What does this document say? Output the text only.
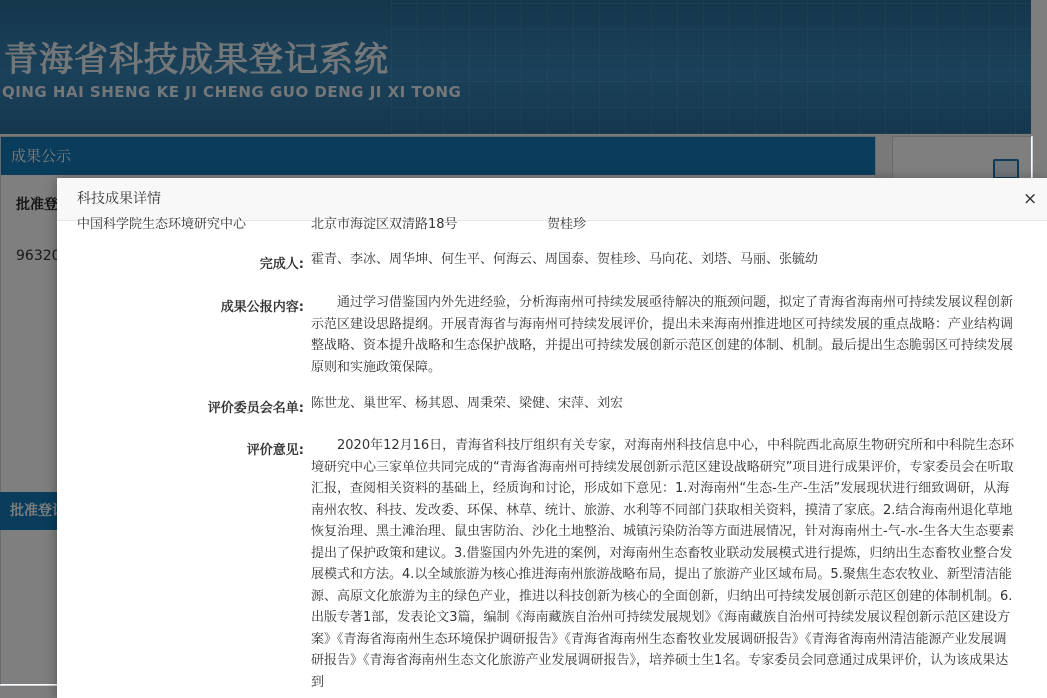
科技成果详情	×
中国科学院生态环境研究中心	北京市海淀区双清路18号	贺桂珍
完成人: 霍青、李冰、周华坤、何生平、何海云、周国泰、贺桂珍、马向花、刘塔、马丽、张毓幼
成果公报内容:	通过学习借鉴国内外先进经验，分析海南州可持续发展亟待解决的瓶颈问题，拟定了青海省海南州可持续发展议程创新示范区建设思路提纲。开展青海省与海南州可持续发展评价，提出未来海南州推进地区可持续发展的重点战略：产业结构调整战略、资本提升战略和生态保护战略，并提出可持续发展创新示范区创建的体制、机制。最后提出生态脆弱区可持续发展原则和实施政策保障。
评价委员会名单: 陈世龙、巢世军、杨其恩、周秉荣、梁健、宋萍、刘宏
评价意见:	2020年12月16日，青海省科技厅组织有关专家，对海南州科技信息中心，中科院西北高原生物研究所和中科院生态环境研究中心三家单位共同完成的“青海省海南州可持续发展创新示范区建设战略研究”项目进行成果评价，专家委员会在听取汇报，查阅相关资料的基础上，经质询和讨论，形成如下意见：1.对海南州“生态-生产-生活”发展现状进行细致调研，从海南州农牧、科技、发改委、环保、林草、统计、旅游、水利等不同部门获取相关资料，摸清了家底。2.结合海南州退化草地恢复治理、黑土滩治理、鼠虫害防治、沙化土地整治、城镇污染防治等方面进展情况，针对海南州土-气-水-生各大生态要素提出了保护政策和建议。3.借鉴国内外先进的案例，对海南州生态畜牧业联动发展模式进行提炼，归纳出生态畜牧业整合发展模式和方法。4.以全域旅游为核心推进海南州旅游战略布局，提出了旅游产业区域布局。5.聚焦生态农牧业、新型清洁能源、高原文化旅游为主的绿色产业，推进以科技创新为核心的全面创新，归纳出可持续发展创新示范区创建的体制机制。6.出版专著1部，发表论文3篇，编制《海南藏族自治州可持续发展规划》《海南藏族自治州可持续发展议程创新示范区建设方案》《青海省海南州生态环境保护调研报告》《青海省海南州生态畜牧业发展调研报告》《青海省海南州清洁能源产业发展调研报告》《青海省海南州生态文化旅游产业发展调研报告》，培养硕士生1名。专家委员会同意通过成果评价，认为该成果达到
